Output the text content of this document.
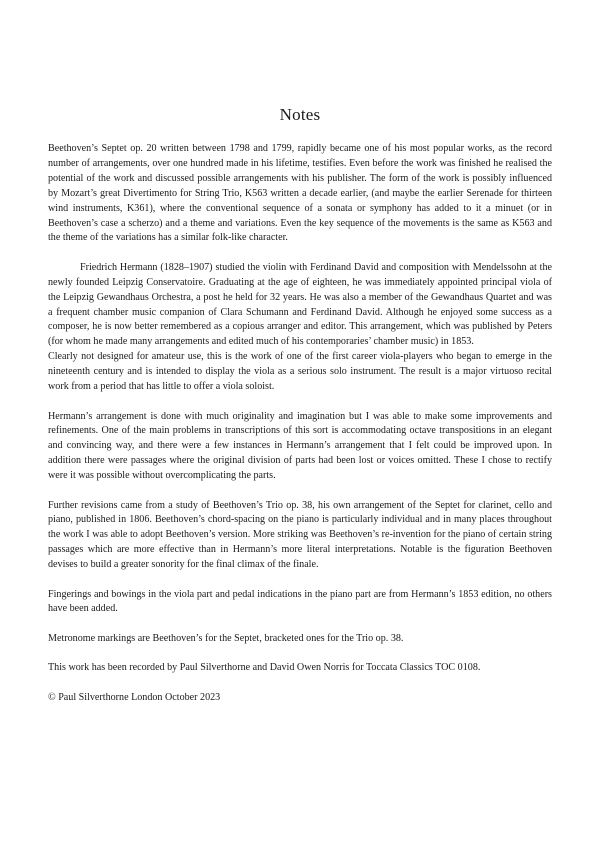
Notes

Beethoven’s Septet op. 20 written between 1798 and 1799, rapidly became one of his most popular works, as the record number of arrangements, over one hundred made in his lifetime, testifies. Even before the work was finished he realised the potential of the work and discussed possible arrangements with his publisher. The form of the work is possibly influenced by Mozart’s great Divertimento for String Trio, K563 written a decade earlier, (and maybe the earlier Serenade for thirteen wind instruments, K361), where the conventional sequence of a sonata or symphony has added to it a minuet (or in Beethoven’s case a scherzo) and a theme and variations. Even the key sequence of the movements is the same as K563 and the theme of the variations has a similar folk-like character.

Friedrich Hermann (1828–1907) studied the violin with Ferdinand David and composition with Mendelssohn at the newly founded Leipzig Conservatoire. Graduating at the age of eighteen, he was immediately appointed principal viola of the Leipzig Gewandhaus Orchestra, a post he held for 32 years. He was also a member of the Gewandhaus Quartet and was a frequent chamber music companion of Clara Schumann and Ferdinand David. Although he enjoyed some success as a composer, he is now better remembered as a copious arranger and editor. This arrangement, which was published by Peters (for whom he made many arrangements and edited much of his contemporaries’ chamber music) in 1853.

Clearly not designed for amateur use, this is the work of one of the first career viola-players who began to emerge in the nineteenth century and is intended to display the viola as a serious solo instrument. The result is a major virtuoso recital work from a period that has little to offer a viola soloist.

Hermann’s arrangement is done with much originality and imagination but I was able to make some improvements and refinements. One of the main problems in transcriptions of this sort is accommodating octave transpositions in an elegant and convincing way, and there were a few instances in Hermann’s arrangement that I felt could be improved upon. In addition there were passages where the original division of parts had been lost or voices omitted. These I chose to rectify were it was possible without overcomplicating the parts.

Further revisions came from a study of Beethoven’s Trio op. 38, his own arrangement of the Septet for clarinet, cello and piano, published in 1806. Beethoven’s chord-spacing on the piano is particularly individual and in many places throughout the work I was able to adopt Beethoven’s version. More striking was Beethoven’s re-invention for the piano of certain string passages which are more effective than in Hermann’s more literal interpretations. Notable is the figuration Beethoven devises to build a greater sonority for the final climax of the finale.

Fingerings and bowings in the viola part and pedal indications in the piano part are from Hermann’s 1853 edition, no others have been added.

Metronome markings are Beethoven’s for the Septet, bracketed ones for the Trio op. 38.

This work has been recorded by Paul Silverthorne and David Owen Norris for Toccata Classics TOC 0108.

© Paul Silverthorne London October 2023
